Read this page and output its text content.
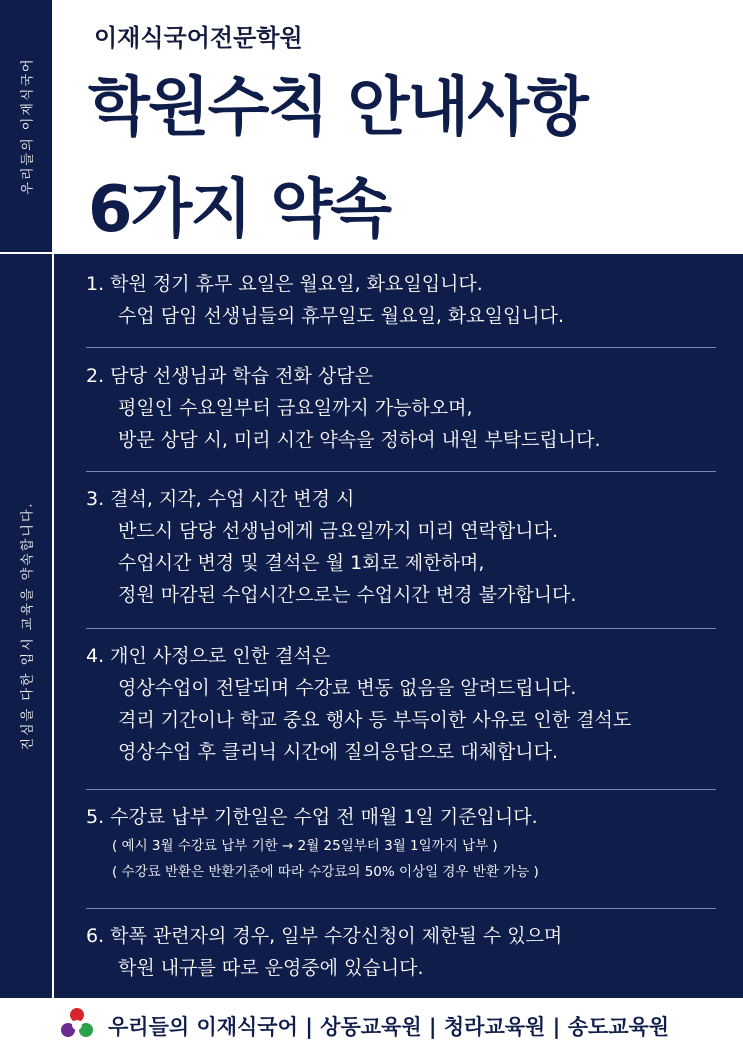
우리들의 이재식국어
진심을 다한 입시 교육을 약속합니다.
이재식국어전문학원
학원수칙 안내사항
6가지 약속
1. 학원 정기 휴무 요일은 월요일, 화요일입니다.
수업 담임 선생님들의 휴무일도 월요일, 화요일입니다.
2. 담당 선생님과 학습 전화 상담은
평일인 수요일부터 금요일까지 가능하오며,
방문 상담 시, 미리 시간 약속을 정하여 내원 부탁드립니다.
3. 결석, 지각, 수업 시간 변경 시
반드시 담당 선생님에게 금요일까지 미리 연락합니다.
수업시간 변경 및 결석은 월 1회로 제한하며,
정원 마감된 수업시간으로는 수업시간 변경 불가합니다.
4. 개인 사정으로 인한 결석은
영상수업이 전달되며 수강료 변동 없음을 알려드립니다.
격리 기간이나 학교 중요 행사 등 부득이한 사유로 인한 결석도
영상수업 후 클리닉 시간에 질의응답으로 대체합니다.
5. 수강료 납부 기한일은 수업 전 매월 1일 기준입니다.
( 예시 3월 수강료 납부 기한 → 2월 25일부터 3월 1일까지 납부 )
( 수강료 반환은 반환기준에 따라 수강료의 50% 이상일 경우 반환 가능 )
6. 학폭 관련자의 경우, 일부 수강신청이 제한될 수 있으며
학원 내규를 따로 운영중에 있습니다.
우리들의 이재식국어 | 상동교육원 | 청라교육원 | 송도교육원
